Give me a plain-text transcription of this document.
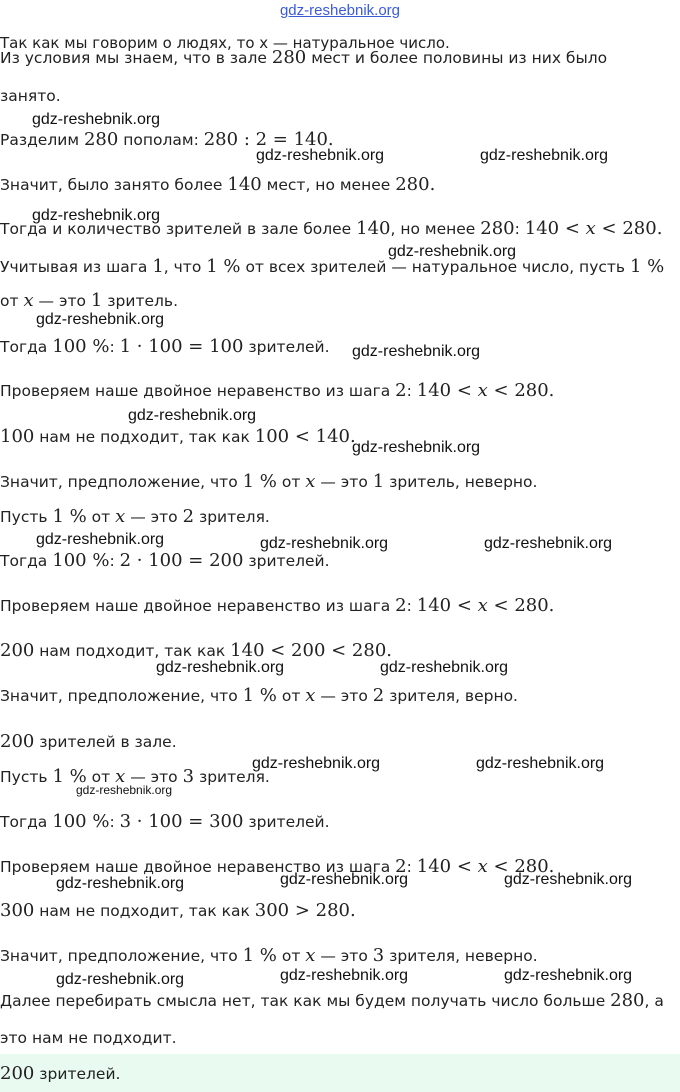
gdz-reshebnik.org
Так как мы говорим о людях, то x — натуральное число.
Из условия мы знаем, что в зале 280 мест и более половины из них было
занято.
Разделим 280 пополам: 280 : 2 = 140.
Значит, было занято более 140 мест, но менее 280.
Тогда и количество зрителей в зале более 140, но менее 280: 140 < x < 280.
Учитывая из шага 1, что 1 % от всех зрителей — натуральное число, пусть 1 %
от x — это 1 зритель.
Тогда 100 %: 1 · 100 = 100 зрителей.
Проверяем наше двойное неравенство из шага 2: 140 < x < 280.
100 нам не подходит, так как 100 < 140.
Значит, предположение, что 1 % от x — это 1 зритель, неверно.
Пусть 1 % от x — это 2 зрителя.
Тогда 100 %: 2 · 100 = 200 зрителей.
Проверяем наше двойное неравенство из шага 2: 140 < x < 280.
200 нам подходит, так как 140 < 200 < 280.
Значит, предположение, что 1 % от x — это 2 зрителя, верно.
200 зрителей в зале.
Пусть 1 % от x — это 3 зрителя.
Тогда 100 %: 3 · 100 = 300 зрителей.
Проверяем наше двойное неравенство из шага 2: 140 < x < 280.
300 нам не подходит, так как 300 > 280.
Значит, предположение, что 1 % от x — это 3 зрителя, неверно.
Далее перебирать смысла нет, так как мы будем получать число больше 280, а
это нам не подходит.
200 зрителей.
gdz-reshebnik.org
gdz-reshebnik.org	gdz-reshebnik.org
gdz-reshebnik.org
gdz-reshebnik.org
gdz-reshebnik.org
gdz-reshebnik.org
gdz-reshebnik.org
gdz-reshebnik.org
gdz-reshebnik.org	gdz-reshebnik.org	gdz-reshebnik.org
gdz-reshebnik.org	gdz-reshebnik.org
gdz-reshebnik.org	gdz-reshebnik.org
gdz-reshebnik.org
gdz-reshebnik.org	gdz-reshebnik.org	gdz-reshebnik.org
gdz-reshebnik.org	gdz-reshebnik.org	gdz-reshebnik.org
